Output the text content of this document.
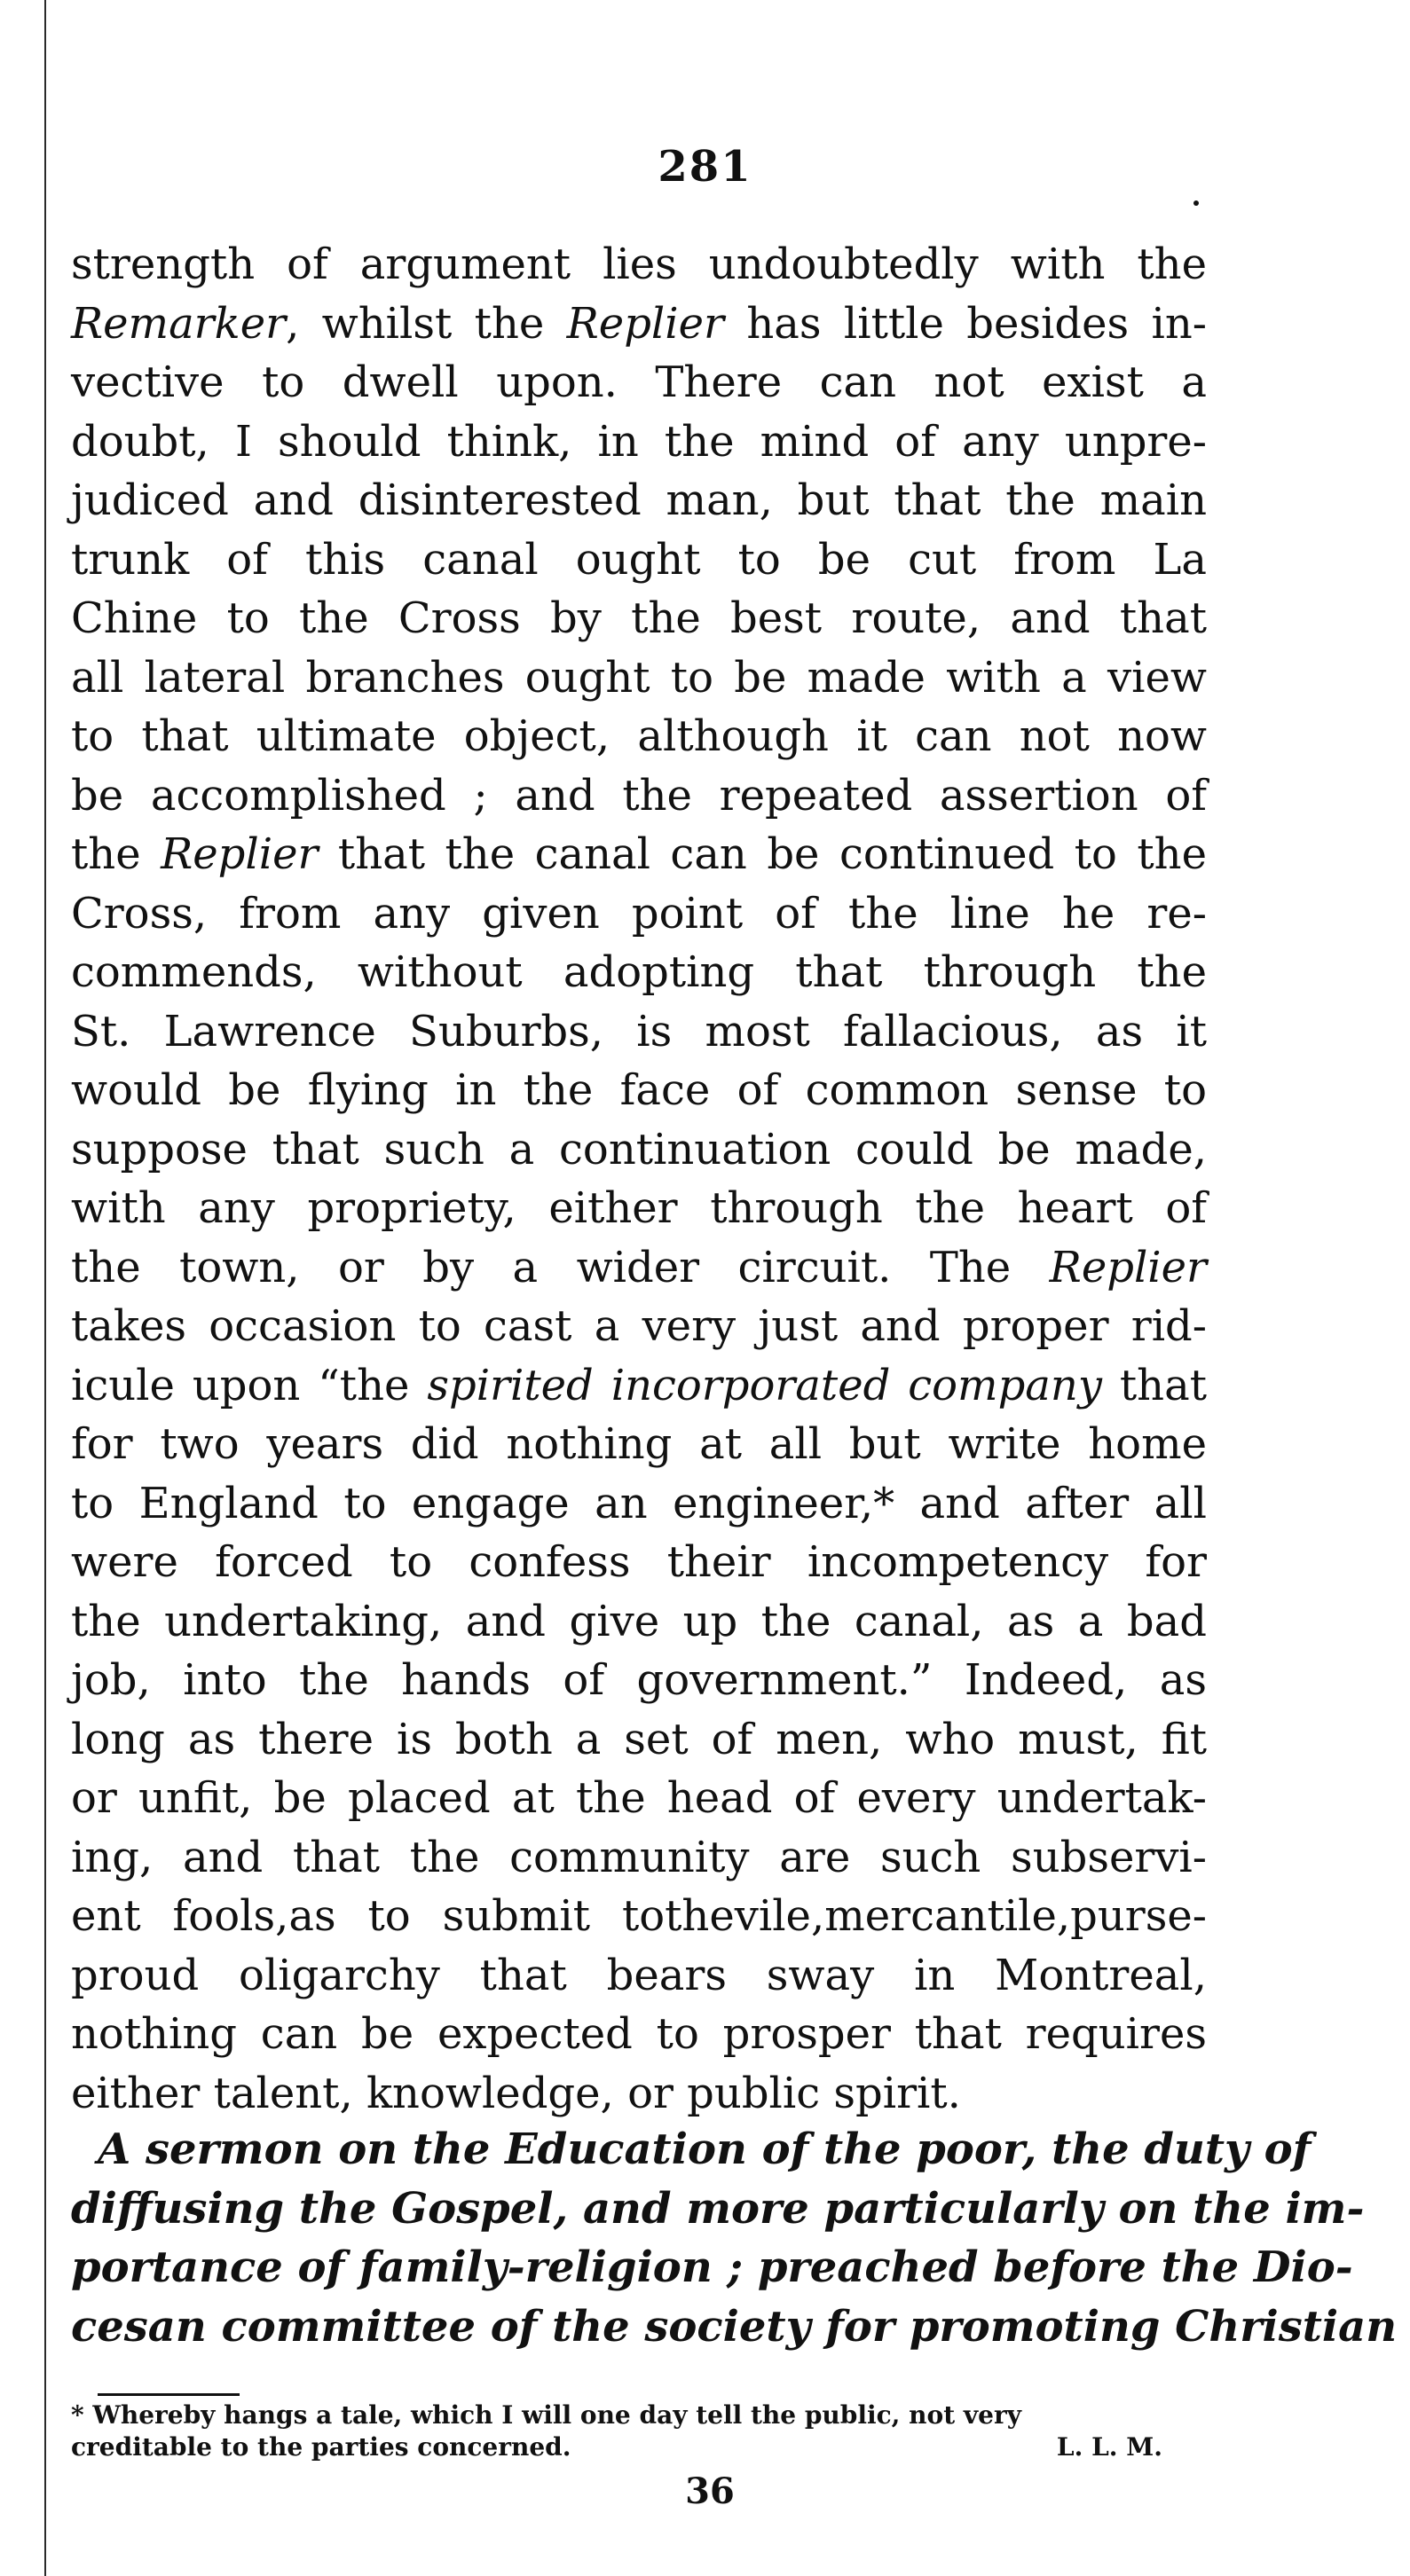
281
strength of argument lies undoubtedly with the
Remarker, whilst the Replier has little besides in-
vective to dwell upon. There can not exist a
doubt, I should think, in the mind of any unpre-
judiced and disinterested man, but that the main
trunk of this canal ought to be cut from La
Chine to the Cross by the best route, and that
all lateral branches ought to be made with a view
to that ultimate object, although it can not now
be accomplished ; and the repeated assertion of
the Replier that the canal can be continued to the
Cross, from any given point of the line he re-
commends, without adopting that through the
St. Lawrence Suburbs, is most fallacious, as it
would be flying in the face of common sense to
suppose that such a continuation could be made,
with any propriety, either through the heart of
the town, or by a wider circuit. The Replier
takes occasion to cast a very just and proper rid-
icule upon “the spirited incorporated company that
for two years did nothing at all but write home
to England to engage an engineer,* and after all
were forced to confess their incompetency for
the undertaking, and give up the canal, as a bad
job, into the hands of government.” Indeed, as
long as there is both a set of men, who must, fit
or unfit, be placed at the head of every undertak-
ing, and that the community are such subservi-
ent fools,as to submit tothevile,mercantile,purse-
proud oligarchy that bears sway in Montreal,
nothing can be expected to prosper that requires
either talent, knowledge, or public spirit.
A sermon on the Education of the poor, the duty of
diffusing the Gospel, and more particularly on the im-
portance of family-religion ; preached before the Dio-
cesan committee of the society for promoting Christian
* Whereby hangs a tale, which I will one day tell the public, not very
creditable to the parties concerned.	L. L. M.
36
